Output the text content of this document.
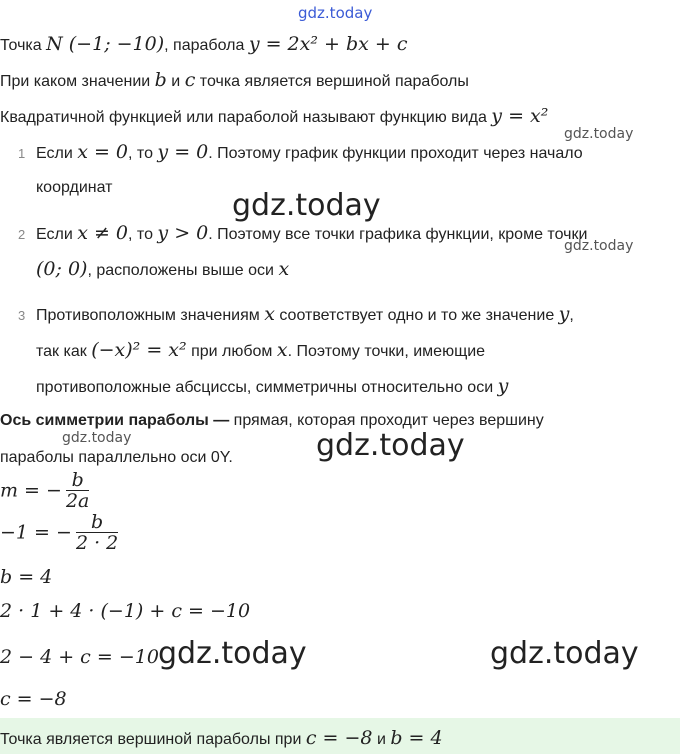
gdz.today
Точка N (−1; −10), парабола y = 2x² + bx + c
При каком значении b и c точка является вершиной параболы
Квадратичной функцией или параболой называют функцию вида y = x²
gdz.today
1 Если x = 0, то y = 0. Поэтому график функции проходит через начало
координат
gdz.today
2 Если x ≠ 0, то y > 0. Поэтому все точки графика функции, кроме точки
gdz.today
(0; 0), расположены выше оси x
3 Противоположным значениям x соответствует одно и то же значение y,
так как (−x)² = x² при любом x. Поэтому точки, имеющие
противоположные абсциссы, симметричны относительно оси y
Ось симметрии параболы — прямая, которая проходит через вершину
gdz.today
параболы параллельно оси 0Y.	gdz.today
m = − $\frac{b}{2a}$
−1 = − $\frac{b}{2 \cdot 2}$
b = 4
2 · 1 + 4 · (−1) + c = −10
2 − 4 + c = −10 gdz.today	gdz.today
c = −8
Точка является вершиной параболы при c = −8 и b = 4
